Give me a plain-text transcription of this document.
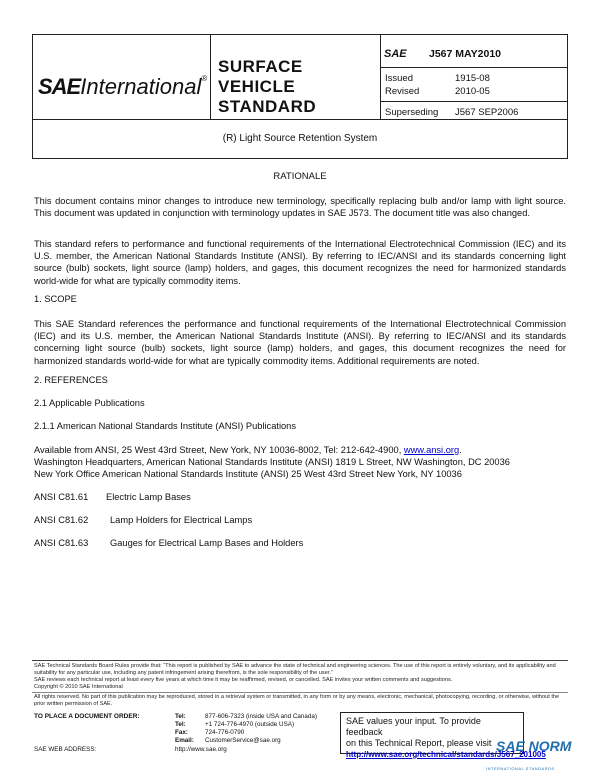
SAEInternational®
SURFACE
VEHICLE
STANDARD
SAE J567 MAY2010
Issued	1915-08
Revised	2010-05
Superseding J567 SEP2006
(R) Light Source Retention System
RATIONALE
This document contains minor changes to introduce new terminology, specifically replacing bulb and/or lamp with light source. This document was updated in conjunction with terminology updates in SAE J573. The document title was also changed.
This standard refers to performance and functional requirements of the International Electrotechnical Commission (IEC) and its U.S. member, the American National Standards Institute (ANSI). By referring to IEC/ANSI and its standards concerning light source (bulb) sockets, light source (lamp) holders, and gages, this document recognizes the need for harmonized standards world-wide for what are typically commodity items.
1. SCOPE
This SAE Standard references the performance and functional requirements of the International Electrotechnical Commission (IEC) and its U.S. member, the American National Standards Institute (ANSI). By referring to IEC/ANSI and its standards concerning light source (bulb) sockets, light source (lamp) holders, and gages, this document recognizes the need for harmonized standards world-wide for what are typically commodity items. Additional requirements are noted.
2. REFERENCES
2.1 Applicable Publications
2.1.1 American National Standards Institute (ANSI) Publications
Available from ANSI, 25 West 43rd Street, New York, NY 10036-8002, Tel: 212-642-4900, www.ansi.org.
Washington Headquarters, American National Standards Institute (ANSI) 1819 L Street, NW Washington, DC 20036
New York Office American National Standards Institute (ANSI) 25 West 43rd Street New York, NY 10036
ANSI C81.61 Electric Lamp Bases
ANSI C81.62 Lamp Holders for Electrical Lamps
ANSI C81.63 Gauges for Electrical Lamp Bases and Holders
SAE Technical Standards Board Rules provide that: “This report is published by SAE to advance the state of technical and engineering sciences. The use of this report is entirely voluntary, and its applicability and suitability for any particular use, including any patent infringement arising therefrom, is the sole responsibility of the user.”
SAE reviews each technical report at least every five years at which time it may be reaffirmed, revised, or cancelled. SAE invites your written comments and suggestions.
Copyright © 2010 SAE International
All rights reserved. No part of this publication may be reproduced, stored in a retrieval system or transmitted, in any form or by any means, electronic, mechanical, photocopying, recording, or otherwise, without the prior written permission of SAE.
TO PLACE A DOCUMENT ORDER:	Tel:	877-606-7323 (inside USA and Canada)
Tel:	+1 724-776-4970 (outside USA)
Fax:	724-776-0790
Email: CustomerService@sae.org
SAE WEB ADDRESS:	http://www.sae.org
SAE values your input. To provide feedback
on this Technical Report, please visit
http://www.sae.org/technical/standards/J567_201005
SAE NORM
INTERNATIONAL STANDARDS
